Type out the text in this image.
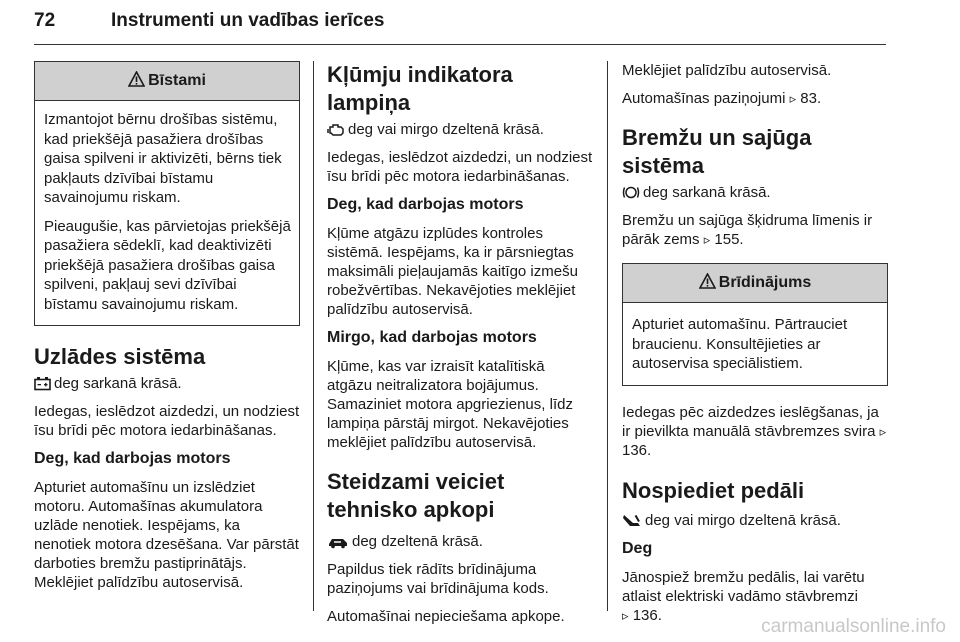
72	Instrumenti un vadības ierīces
Bīstami

Izmantojot bērnu drošības sistēmu, kad priekšējā pasažiera drošības gaisa spilveni ir aktivizēti, bērns tiek pakļauts dzīvībai bīstamu savainojumu riskam.

Pieaugušie, kas pārvietojas priekšējā pasažiera sēdeklī, kad deaktivizēti priekšējā pasažiera drošības gaisa spilveni, pakļauj sevi dzīvībai bīstamu savainojumu riskam.

Uzlādes sistēma

deg sarkanā krāsā.

Iedegas, ieslēdzot aizdedzi, un nodziest īsu brīdi pēc motora iedarbināšanas.

Deg, kad darbojas motors

Apturiet automašīnu un izslēdziet motoru. Automašīnas akumulatora uzlāde nenotiek. Iespējams, ka nenotiek motora dzesēšana. Var pārstāt darboties bremžu pastiprinātājs. Meklējiet palīdzību autoservisā.

Kļūmju indikatora lampiņa

deg vai mirgo dzeltenā krāsā.

Iedegas, ieslēdzot aizdedzi, un nodziest īsu brīdi pēc motora iedarbināšanas.

Deg, kad darbojas motors

Kļūme atgāzu izplūdes kontroles sistēmā. Iespējams, ka ir pārsniegtas maksimāli pieļaujamās kaitīgo izmešu robežvērtības. Nekavējoties meklējiet palīdzību autoservisā.

Mirgo, kad darbojas motors

Kļūme, kas var izraisīt katalītiskā atgāzu neitralizatora bojājumus. Samaziniet motora apgriezienus, līdz lampiņa pārstāj mirgot. Nekavējoties meklējiet palīdzību autoservisā.

Steidzami veiciet tehnisko apkopi

deg dzeltenā krāsā.

Papildus tiek rādīts brīdinājuma paziņojums vai brīdinājuma kods.

Automašīnai nepieciešama apkope.

Meklējiet palīdzību autoservisā.

Automašīnas paziņojumi ▹ 83.

Bremžu un sajūga sistēma

deg sarkanā krāsā.

Bremžu un sajūga šķidruma līmenis ir pārāk zems ▹ 155.

Brīdinājums

Apturiet automašīnu. Pārtrauciet braucienu. Konsultējieties ar autoservisa speciālistiem.

Iedegas pēc aizdedzes ieslēgšanas, ja ir pievilkta manuālā stāvbremzes svira ▹ 136.

Nospiediet pedāli

deg vai mirgo dzeltenā krāsā.

Deg

Jānospiež bremžu pedālis, lai varētu atlaist elektriski vadāmo stāvbremzi
▹ 136.

carmanualsonline.info
